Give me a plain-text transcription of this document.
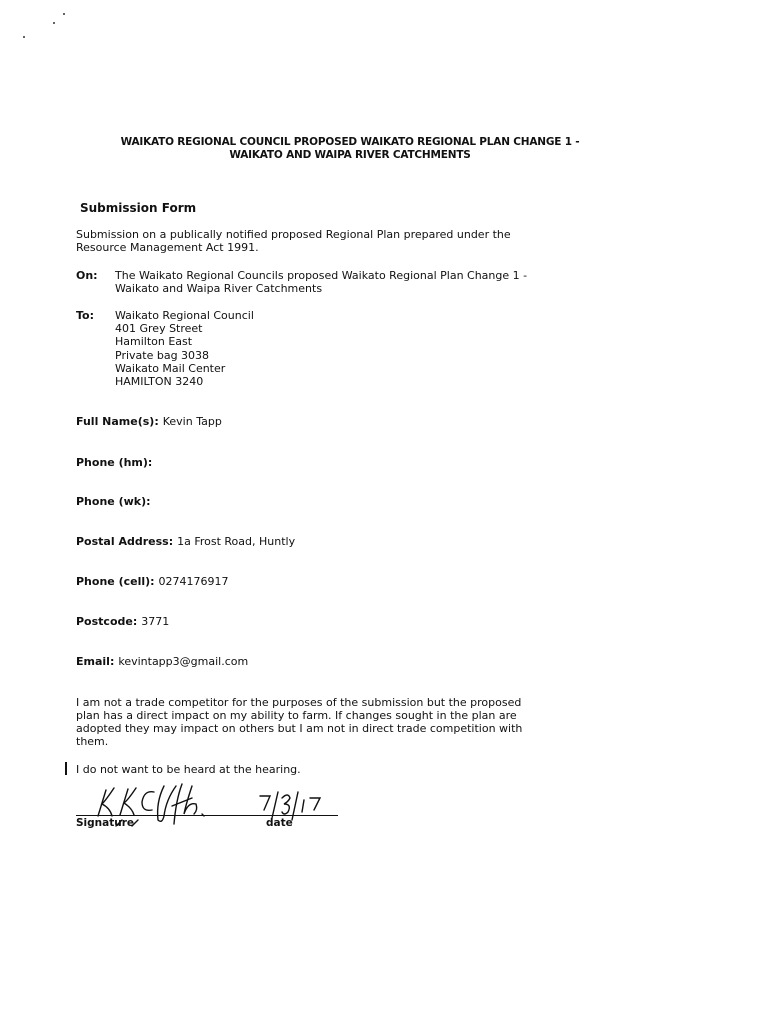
WAIKATO REGIONAL COUNCIL PROPOSED WAIKATO REGIONAL PLAN CHANGE 1 -
WAIKATO AND WAIPA RIVER CATCHMENTS
Submission Form
Submission on a publically notified proposed Regional Plan prepared under the
Resource Management Act 1991.
On: The Waikato Regional Councils proposed Waikato Regional Plan Change 1 -
Waikato and Waipa River Catchments
To: Waikato Regional Council
401 Grey Street
Hamilton East
Private bag 3038
Waikato Mail Center
HAMILTON 3240
Full Name(s): Kevin Tapp
Phone (hm):
Phone (wk):
Postal Address: 1a Frost Road, Huntly
Phone (cell): 0274176917
Postcode: 3771
Email: kevintapp3@gmail.com
I am not a trade competitor for the purposes of the submission but the proposed
plan has a direct impact on my ability to farm. If changes sought in the plan are
adopted they may impact on others but I am not in direct trade competition with
them.
I do not want to be heard at the hearing.
Signature	date
